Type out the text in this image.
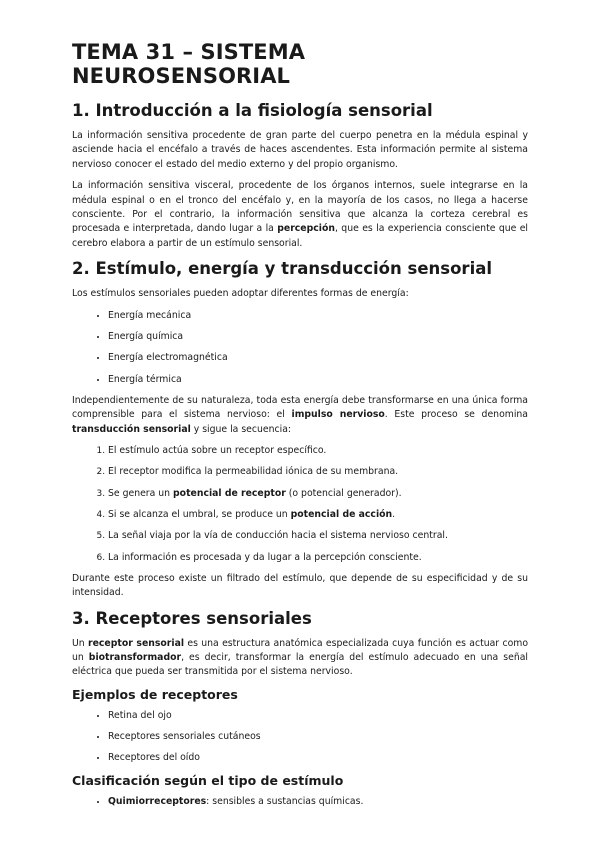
TEMA 31 – SISTEMA NEUROSENSORIAL
1. Introducción a la fisiología sensorial

La información sensitiva procedente de gran parte del cuerpo penetra en la médula espinal y asciende hacia el encéfalo a través de haces ascendentes. Esta información permite al sistema nervioso conocer el estado del medio externo y del propio organismo.

La información sensitiva visceral, procedente de los órganos internos, suele integrarse en la médula espinal o en el tronco del encéfalo y, en la mayoría de los casos, no llega a hacerse consciente. Por el contrario, la información sensitiva que alcanza la corteza cerebral es procesada e interpretada, dando lugar a la percepción, que es la experiencia consciente que el cerebro elabora a partir de un estímulo sensorial.

2. Estímulo, energía y transducción sensorial

Los estímulos sensoriales pueden adoptar diferentes formas de energía:

• Energía mecánica
• Energía química
• Energía electromagnética
• Energía térmica

Independientemente de su naturaleza, toda esta energía debe transformarse en una única forma comprensible para el sistema nervioso: el impulso nervioso. Este proceso se denomina transducción sensorial y sigue la secuencia:

1. El estímulo actúa sobre un receptor específico.
2. El receptor modifica la permeabilidad iónica de su membrana.
3. Se genera un potencial de receptor (o potencial generador).
4. Si se alcanza el umbral, se produce un potencial de acción.
5. La señal viaja por la vía de conducción hacia el sistema nervioso central.
6. La información es procesada y da lugar a la percepción consciente.

Durante este proceso existe un filtrado del estímulo, que depende de su especificidad y de su intensidad.

3. Receptores sensoriales

Un receptor sensorial es una estructura anatómica especializada cuya función es actuar como un biotransformador, es decir, transformar la energía del estímulo adecuado en una señal eléctrica que pueda ser transmitida por el sistema nervioso.

Ejemplos de receptores
• Retina del ojo
• Receptores sensoriales cutáneos
• Receptores del oído
Clasificación según el tipo de estímulo
• Quimiorreceptores: sensibles a sustancias químicas.
